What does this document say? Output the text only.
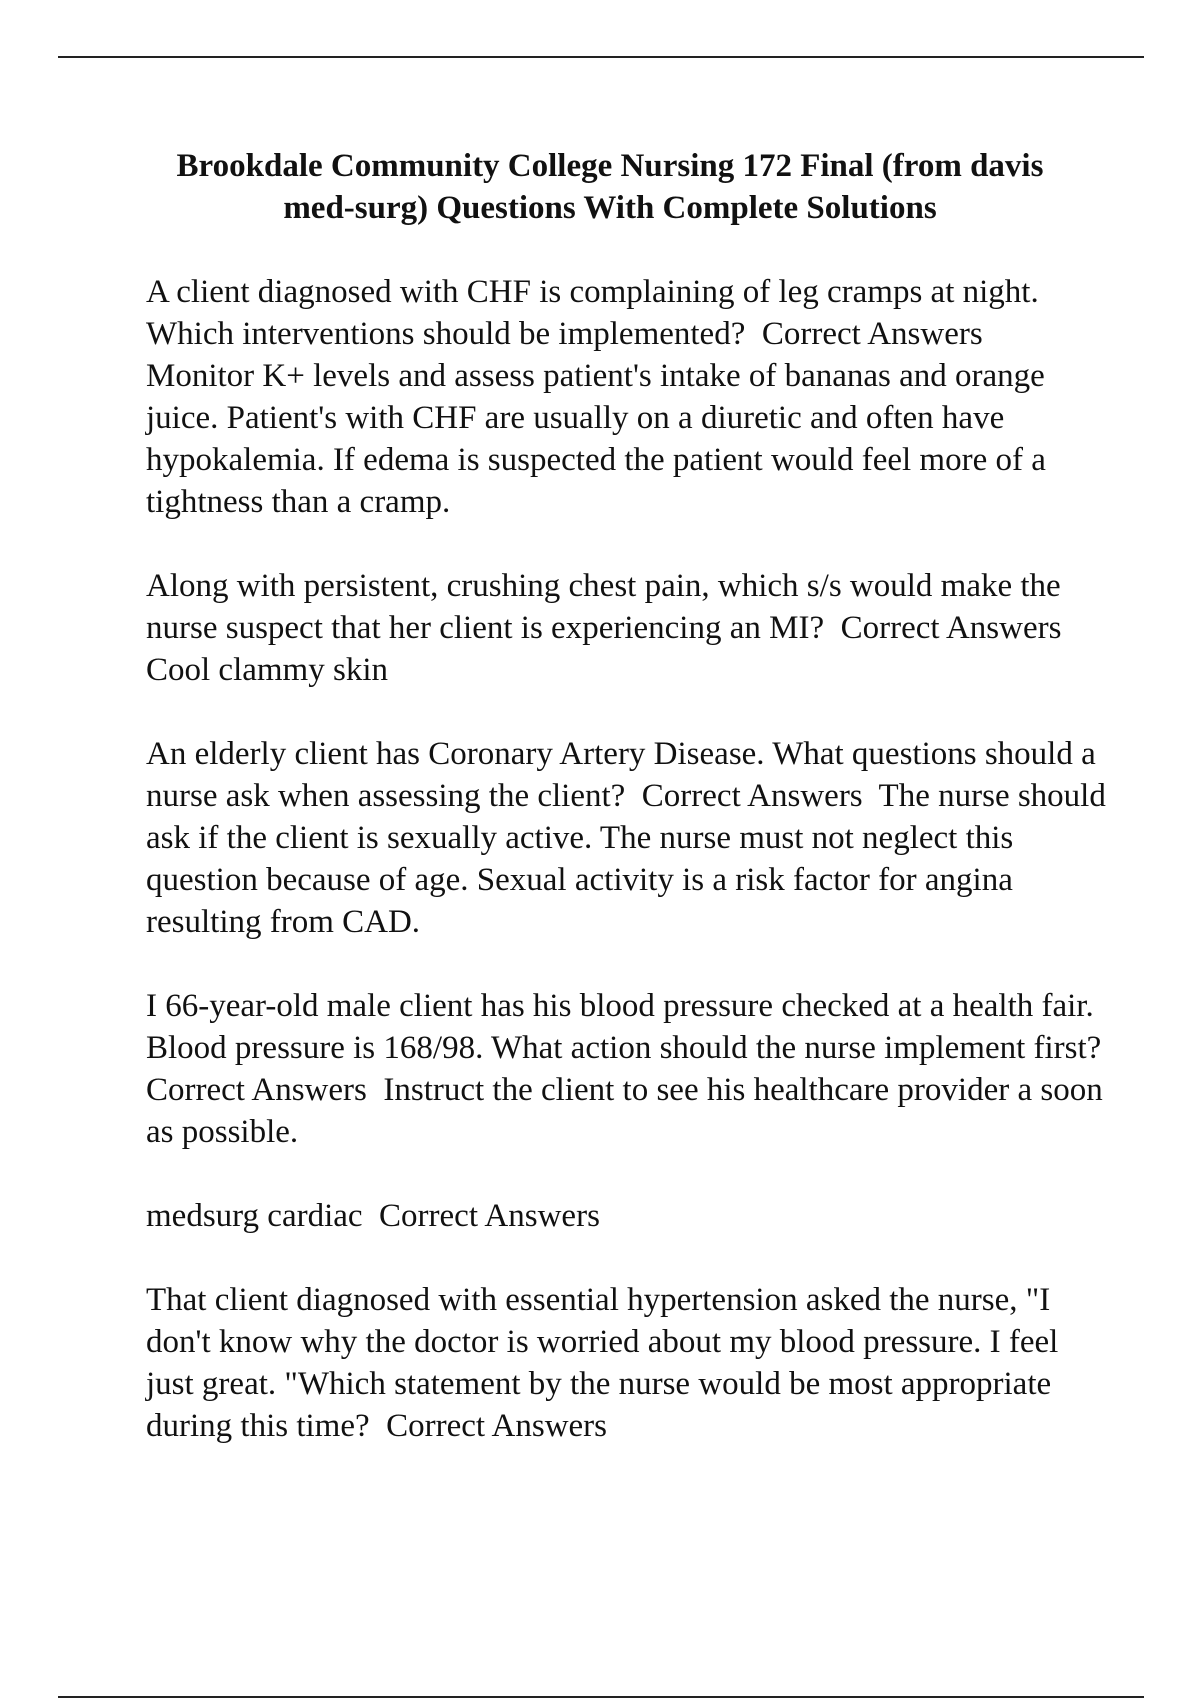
Brookdale Community College Nursing 172 Final (from davis med-surg) Questions With Complete Solutions

A client diagnosed with CHF is complaining of leg cramps at night. Which interventions should be implemented?  Correct Answers  Monitor K+ levels and assess patient's intake of bananas and orange juice. Patient's with CHF are usually on a diuretic and often have hypokalemia. If edema is suspected the patient would feel more of a tightness than a cramp.

Along with persistent, crushing chest pain, which s/s would make the nurse suspect that her client is experiencing an MI?  Correct Answers  Cool clammy skin

An elderly client has Coronary Artery Disease. What questions should a nurse ask when assessing the client?  Correct Answers  The nurse should ask if the client is sexually active. The nurse must not neglect this question because of age. Sexual activity is a risk factor for angina resulting from CAD.

I 66-year-old male client has his blood pressure checked at a health fair. Blood pressure is 168/98. What action should the nurse implement first?  Correct Answers  Instruct the client to see his healthcare provider a soon as possible.

medsurg cardiac  Correct Answers

That client diagnosed with essential hypertension asked the nurse, "I don't know why the doctor is worried about my blood pressure. I feel just great. "Which statement by the nurse would be most appropriate during this time?  Correct Answers
